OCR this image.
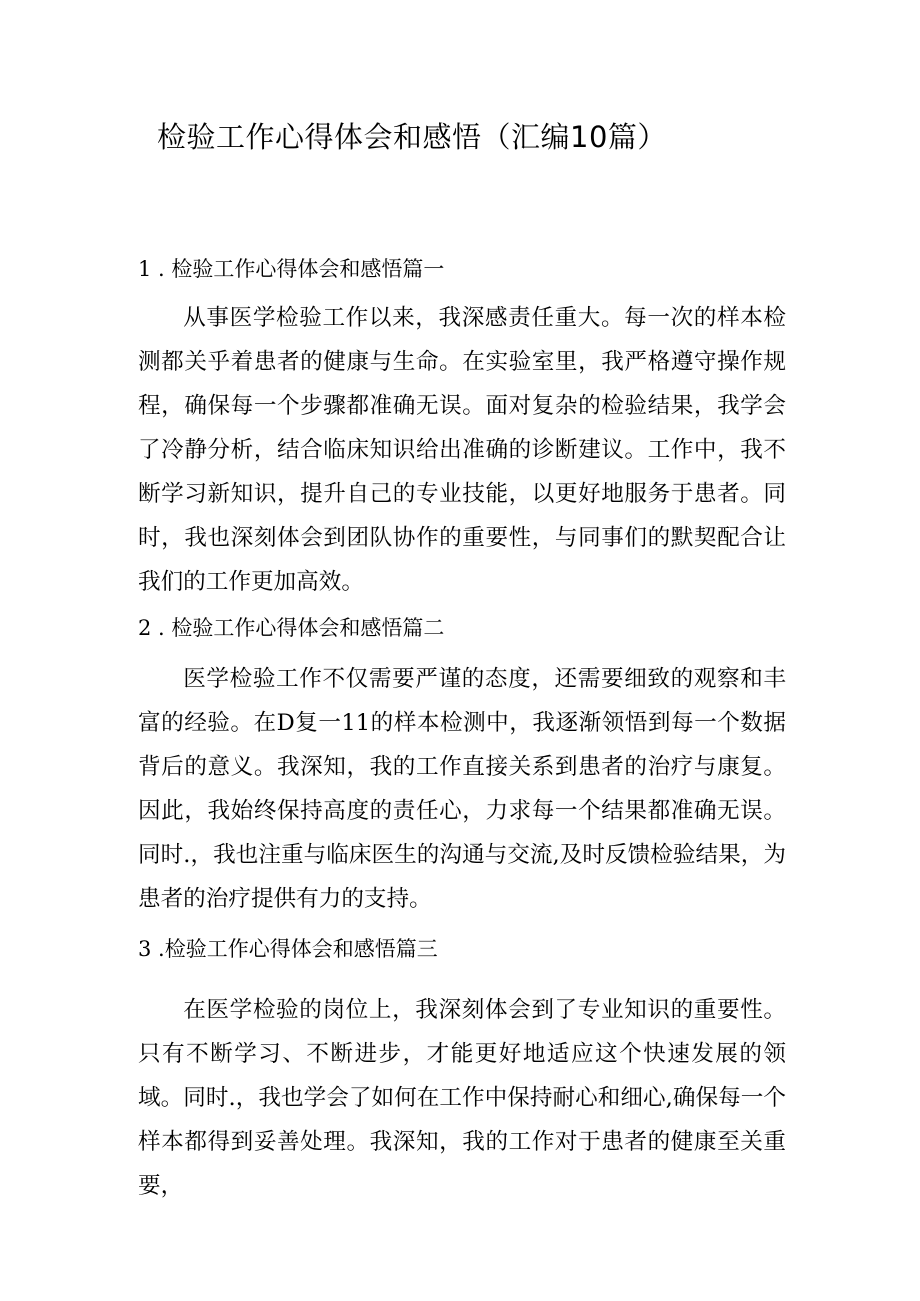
检验工作心得体会和感悟（汇编10篇）
1 . 检验工作心得体会和感悟篇一

从事医学检验工作以来，我深感责任重大。每一次的样本检测都关乎着患者的健康与生命。在实验室里，我严格遵守操作规程，确保每一个步骤都准确无误。面对复杂的检验结果，我学会了冷静分析，结合临床知识给出准确的诊断建议。工作中，我不断学习新知识，提升自己的专业技能，以更好地服务于患者。同时，我也深刻体会到团队协作的重要性，与同事们的默契配合让我们的工作更加高效。

2 . 检验工作心得体会和感悟篇二

医学检验工作不仅需要严谨的态度，还需要细致的观察和丰富的经验。在D复一11的样本检测中，我逐渐领悟到每一个数据背后的意义。我深知，我的工作直接关系到患者的治疗与康复。因此，我始终保持高度的责任心，力求每一个结果都准确无误。同时.，我也注重与临床医生的沟通与交流,及时反馈检验结果，为患者的治疗提供有力的支持。

3 .检验工作心得体会和感悟篇三

在医学检验的岗位上，我深刻体会到了专业知识的重要性。只有不断学习、不断进步，才能更好地适应这个快速发展的领域。同时.，我也学会了如何在工作中保持耐心和细心,确保每一个样本都得到妥善处理。我深知，我的工作对于患者的健康至关重要，
